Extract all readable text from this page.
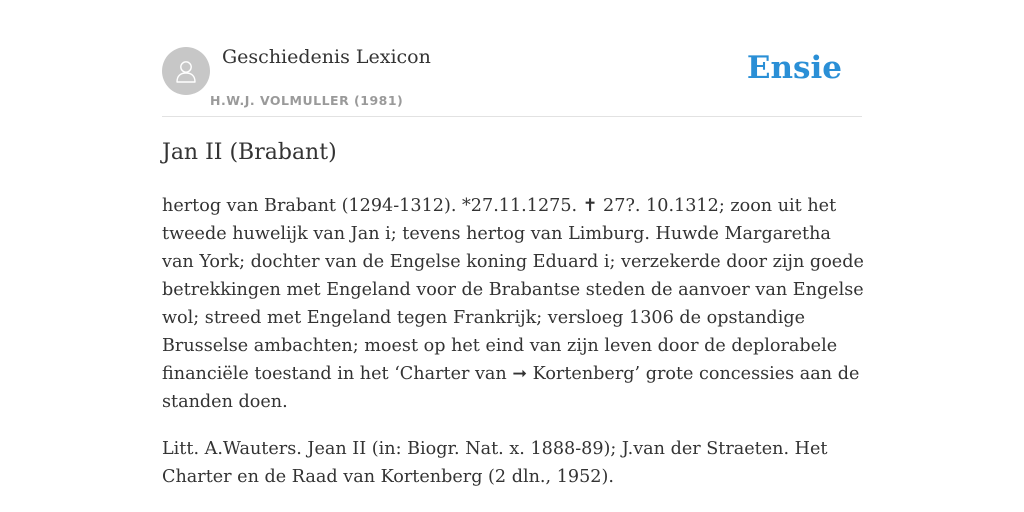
Geschiedenis Lexicon
H.W.J. VOLMULLER (1981)
Ensie
Jan II (Brabant)

hertog van Brabant (1294-1312). *27.11.1275. ✝ 27?. 10.1312; zoon uit het tweede huwelijk van Jan i; tevens hertog van Limburg. Huwde Margaretha van York; dochter van de Engelse koning Eduard i; verzekerde door zijn goede betrekkingen met Engeland voor de Brabantse steden de aanvoer van Engelse wol; streed met Engeland tegen Frankrijk; versloeg 1306 de opstandige Brusselse ambachten; moest op het eind van zijn leven door de deplorabele financiële toestand in het ‘Charter van ➞ Kortenberg’ grote concessies aan de standen doen.

Litt. A.Wauters. Jean II (in: Biogr. Nat. x. 1888-89); J.van der Straeten. Het Charter en de Raad van Kortenberg (2 dln., 1952).
